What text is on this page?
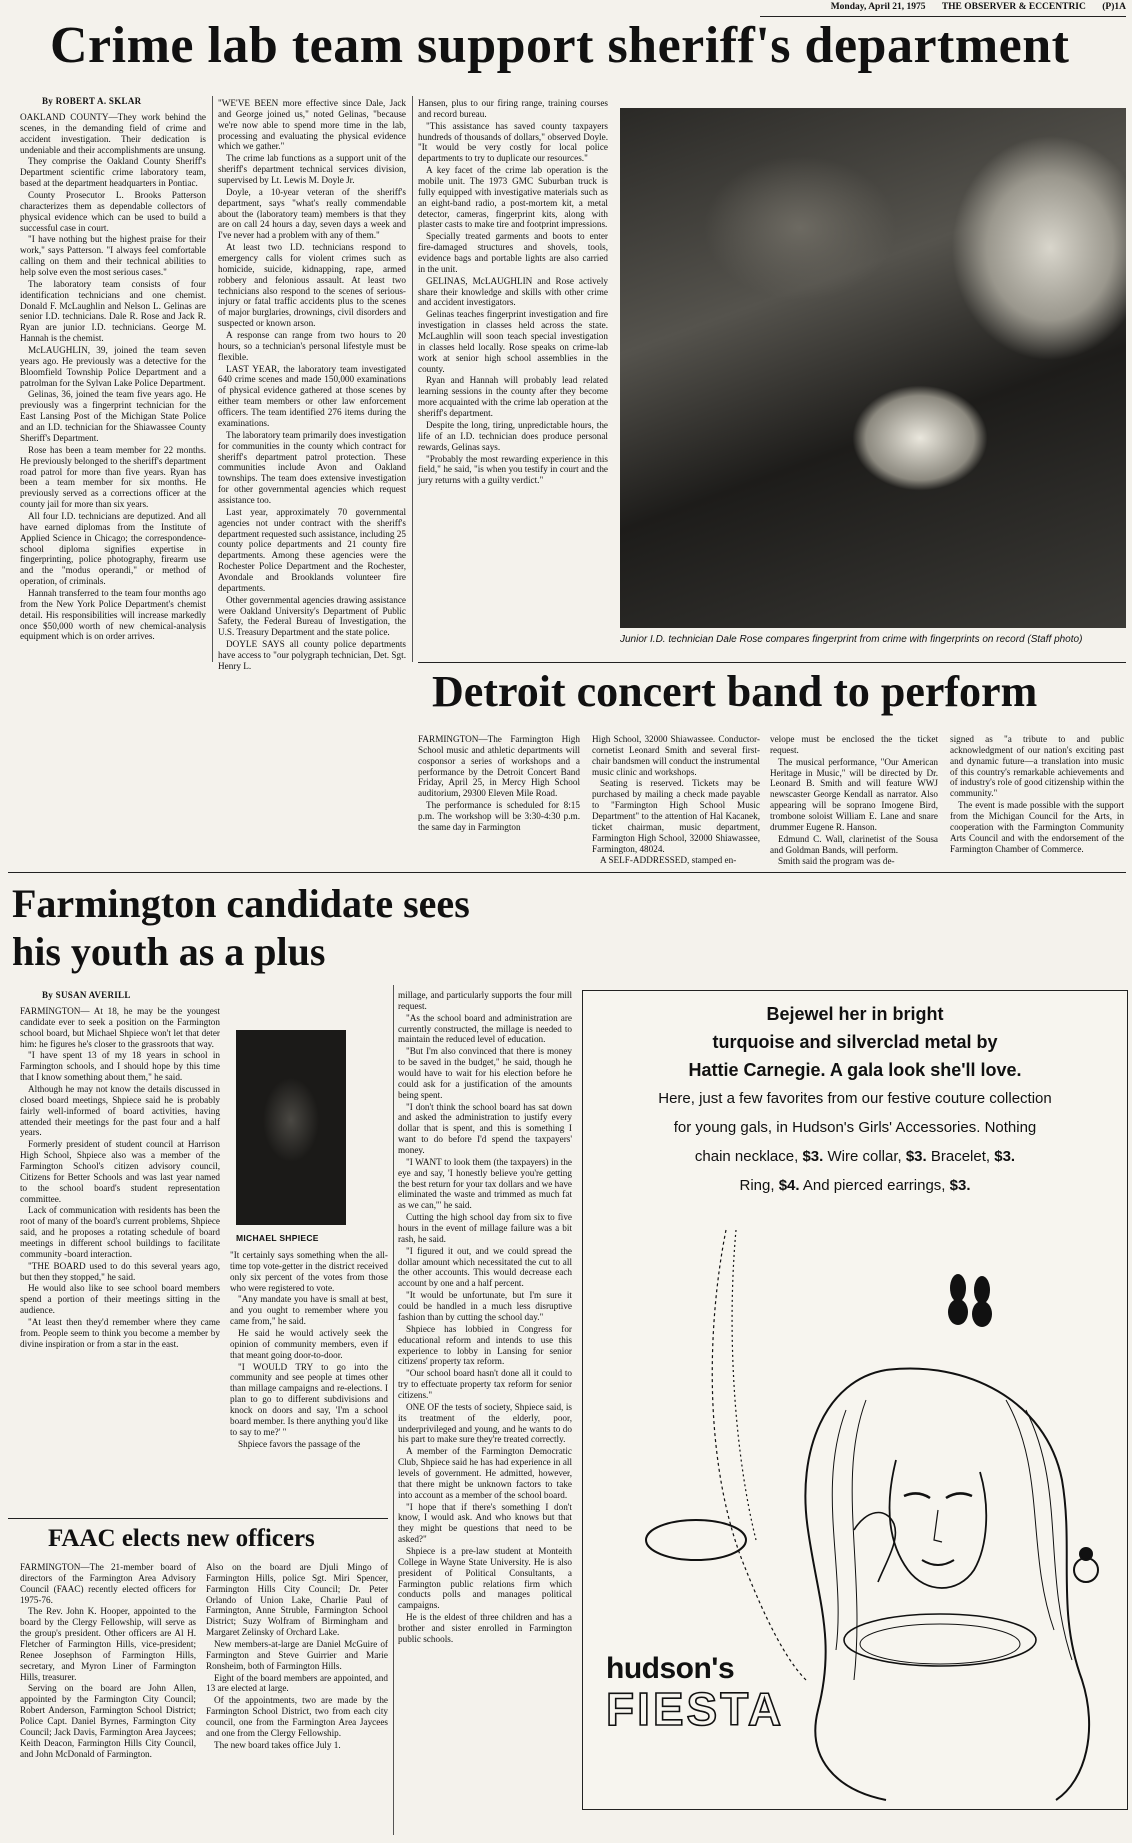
Monday, April 21, 1975 THE OBSERVER & ECCENTRIC (P)1A
Crime lab team support sheriff's department
By ROBERT A. SKLAR

OAKLAND COUNTY—They work behind the scenes, in the demanding field of crime and accident investigation. Their dedication is undeniable and their accomplishments are unsung.

They comprise the Oakland County Sheriff's Department scientific crime laboratory team, based at the department headquarters in Pontiac.

County Prosecutor L. Brooks Patterson characterizes them as dependable collectors of physical evidence which can be used to build a successful case in court.

"I have nothing but the highest praise for their work," says Patterson. "I always feel comfortable calling on them and their technical abilities to help solve even the most serious cases."

The laboratory team consists of four identification technicians and one chemist. Donald F. McLaughlin and Nelson L. Gelinas are senior I.D. technicians. Dale R. Rose and Jack R. Ryan are junior I.D. technicians. George M. Hannah is the chemist.

McLAUGHLIN, 39, joined the team seven years ago. He previously was a detective for the Bloomfield Township Police Department and a patrolman for the Sylvan Lake Police Department.

Gelinas, 36, joined the team five years ago. He previously was a fingerprint technician for the East Lansing Post of the Michigan State Police and an I.D. technician for the Shiawassee County Sheriff's Department.

Rose has been a team member for 22 months. He previously belonged to the sheriff's department road patrol for more than five years. Ryan has been a team member for six months. He previously served as a corrections officer at the county jail for more than six years.

All four I.D. technicians are deputized. And all have earned diplomas from the Institute of Applied Science in Chicago; the correspondence-school diploma signifies expertise in fingerprinting, police photography, firearm use and the "modus operandi," or method of operation, of criminals.

Hannah transferred to the team four months ago from the New York Police Department's chemist detail. His responsibilities will increase markedly once $50,000 worth of new chemical-analysis equipment which is on order arrives.

"WE'VE BEEN more effective since Dale, Jack and George joined us," noted Gelinas, "because we're now able to spend more time in the lab, processing and evaluating the physical evidence which we gather."

The crime lab functions as a support unit of the sheriff's department technical services division, supervised by Lt. Lewis M. Doyle Jr.

Doyle, a 10-year veteran of the sheriff's department, says "what's really commendable about the (laboratory team) members is that they are on call 24 hours a day, seven days a week and I've never had a problem with any of them."

At least two I.D. technicians respond to emergency calls for violent crimes such as homicide, suicide, kidnapping, rape, armed robbery and felonious assault. At least two technicians also respond to the scenes of serious-injury or fatal traffic accidents plus to the scenes of major burglaries, drownings, civil disorders and suspected or known arson.

A response can range from two hours to 20 hours, so a technician's personal lifestyle must be flexible.

LAST YEAR, the laboratory team investigated 640 crime scenes and made 150,000 examinations of physical evidence gathered at those scenes by either team members or other law enforcement officers. The team identified 276 items during the examinations.

The laboratory team primarily does investigation for communities in the county which contract for sheriff's department patrol protection. These communities include Avon and Oakland townships. The team does extensive investigation for other governmental agencies which request assistance too.

Last year, approximately 70 governmental agencies not under contract with the sheriff's department requested such assistance, including 25 county police departments and 21 county fire departments. Among these agencies were the Rochester Police Department and the Rochester, Avondale and Brooklands volunteer fire departments.

Other governmental agencies drawing assistance were Oakland University's Department of Public Safety, the Federal Bureau of Investigation, the U.S. Treasury Department and the state police.

DOYLE SAYS all county police departments have access to "our polygraph technician, Det. Sgt. Henry L.

Hansen, plus to our firing range, training courses and record bureau.

"This assistance has saved county taxpayers hundreds of thousands of dollars," observed Doyle. "It would be very costly for local police departments to try to duplicate our resources."

A key facet of the crime lab operation is the mobile unit. The 1973 GMC Suburban truck is fully equipped with investigative materials such as an eight-band radio, a post-mortem kit, a metal detector, cameras, fingerprint kits, along with plaster casts to make tire and footprint impressions.

Specially treated garments and boots to enter fire-damaged structures and shovels, tools, evidence bags and portable lights are also carried in the unit.

GELINAS, McLAUGHLIN and Rose actively share their knowledge and skills with other crime and accident investigators.

Gelinas teaches fingerprint investigation and fire investigation in classes held across the state. McLaughlin will soon teach special investigation in classes held locally. Rose speaks on crime-lab work at senior high school assemblies in the county.

Ryan and Hannah will probably lead related learning sessions in the county after they become more acquainted with the crime lab operation at the sheriff's department.

Despite the long, tiring, unpredictable hours, the life of an I.D. technician does produce personal rewards, Gelinas says.

"Probably the most rewarding experience in this field," he said, "is when you testify in court and the jury returns with a guilty verdict."

Junior I.D. technician Dale Rose compares fingerprint from crime with fingerprints on record (Staff photo)
Detroit concert band to perform

FARMINGTON—The Farmington High School music and athletic departments will cosponsor a series of workshops and a performance by the Detroit Concert Band Friday, April 25, in Mercy High School auditorium, 29300 Eleven Mile Road.

The performance is scheduled for 8:15 p.m. The workshop will be 3:30-4:30 p.m. the same day in Farmington

High School, 32000 Shiawassee. Conductor-cornetist Leonard Smith and several first-chair bandsmen will conduct the instrumental music clinic and workshops.

Seating is reserved. Tickets may be purchased by mailing a check made payable to "Farmington High School Music Department" to the attention of Hal Kacanek, ticket chairman, music department, Farmington High School, 32000 Shiawassee, Farmington, 48024.

A SELF-ADDRESSED, stamped en-

velope must be enclosed the the ticket request.

The musical performance, "Our American Heritage in Music," will be directed by Dr. Leonard B. Smith and will feature WWJ newscaster George Kendall as narrator. Also appearing will be soprano Imogene Bird, trombone soloist William E. Lane and snare drummer Eugene R. Hanson.

Edmund C. Wall, clarinetist of the Sousa and Goldman Bands, will perform.

Smith said the program was de-

signed as "a tribute to and public acknowledgment of our nation's exciting past and dynamic future—a translation into music of this country's remarkable achievements and of industry's role of good citizenship within the community."

The event is made possible with the support from the Michigan Council for the Arts, in cooperation with the Farmington Community Arts Council and with the endorsement of the Farmington Chamber of Commerce.

Farmington candidate sees his youth as a plus
By SUSAN AVERILL

FARMINGTON— At 18, he may be the youngest candidate ever to seek a position on the Farmington school board, but Michael Shpiece won't let that deter him: he figures he's closer to the grassroots that way.

"I have spent 13 of my 18 years in school in Farmington schools, and I should hope by this time that I know something about them," he said.

Although he may not know the details discussed in closed board meetings, Shpiece said he is probably fairly well-informed of board activities, having attended their meetings for the past four and a half years.

Formerly president of student council at Harrison High School, Shpiece also was a member of the Farmington School's citizen advisory council, Citizens for Better Schools and was last year named to the school board's student representation committee.

Lack of communication with residents has been the root of many of the board's current problems, Shpiece said, and he proposes a rotating schedule of board meetings in different school buildings to facilitate community -board interaction.

"THE BOARD used to do this several years ago, but then they stopped," he said.

He would also like to see school board members spend a portion of their meetings sitting in the audience.

"At least then they'd remember where they came from. People seem to think you become a member by divine inspiration or from a star in the east.

MICHAEL SHPIECE

"It certainly says something when the all-time top vote-getter in the district received only six percent of the votes from those who were registered to vote.

"Any mandate you have is small at best, and you ought to remember where you came from," he said.

He said he would actively seek the opinion of community members, even if that meant going door-to-door.

"I WOULD TRY to go into the community and see people at times other than millage campaigns and re-elections. I plan to go to different subdivisions and knock on doors and say, 'I'm a school board member. Is there anything you'd like to say to me?' "

Shpiece favors the passage of the

millage, and particularly supports the four mill request.

"As the school board and administration are currently constructed, the millage is needed to maintain the reduced level of education.

"But I'm also convinced that there is money to be saved in the budget," he said, though he would have to wait for his election before he could ask for a justification of the amounts being spent.

"I don't think the school board has sat down and asked the administration to justify every dollar that is spent, and this is something I want to do before I'd spend the taxpayers' money.

"I WANT to look them (the taxpayers) in the eye and say, 'I honestly believe you're getting the best return for your tax dollars and we have eliminated the waste and trimmed as much fat as we can,'" he said.

Cutting the high school day from six to five hours in the event of millage failure was a bit rash, he said.

"I figured it out, and we could spread the dollar amount which necessitated the cut to all the other accounts. This would decrease each account by one and a half percent.

"It would be unfortunate, but I'm sure it could be handled in a much less disruptive fashion than by cutting the school day."

Shpiece has lobbied in Congress for educational reform and intends to use this experience to lobby in Lansing for senior citizens' property tax reform.

"Our school board hasn't done all it could to try to effectuate property tax reform for senior citizens."

ONE OF the tests of society, Shpiece said, is its treatment of the elderly, poor, underprivileged and young, and he wants to do his part to make sure they're treated correctly.

A member of the Farmington Democratic Club, Shpiece said he has had experience in all levels of government. He admitted, however, that there might be unknown factors to take into account as a member of the school board.

"I hope that if there's something I don't know, I would ask. And who knows but that they might be questions that need to be asked?"

Shpiece is a pre-law student at Monteith College in Wayne State University. He is also president of Political Consultants, a Farmington public relations firm which conducts polls and manages political campaigns.

He is the eldest of three children and has a brother and sister enrolled in Farmington public schools.

FAAC elects new officers

FARMINGTON—The 21-member board of directors of the Farmington Area Advisory Council (FAAC) recently elected officers for 1975-76.

The Rev. John K. Hooper, appointed to the board by the Clergy Fellowship, will serve as the group's president. Other officers are Al H. Fletcher of Farmington Hills, vice-president; Renee Josephson of Farmington Hills, secretary, and Myron Liner of Farmington Hills, treasurer.

Serving on the board are John Allen, appointed by the Farmington City Council; Robert Anderson, Farmington School District; Police Capt. Daniel Byrnes, Farmington City Council; Jack Davis, Farmington Area Jaycees; Keith Deacon, Farmington Hills City Council, and John McDonald of Farmington.

Also on the board are Djuli Mingo of Farmington Hills, police Sgt. Miri Spencer, Farmington Hills City Council; Dr. Peter Orlando of Union Lake, Charlie Paul of Farmington, Anne Struble, Farmington School District; Suzy Wolfram of Birmingham and Margaret Zelinsky of Orchard Lake.

New members-at-large are Daniel McGuire of Farmington and Steve Guirrier and Marie Ronsheim, both of Farmington Hills.

Eight of the board members are appointed, and 13 are elected at large.

Of the appointments, two are made by the Farmington School District, two from each city council, one from the Farmington Area Jaycees and one from the Clergy Fellowship.

The new board takes office July 1.

Bejewel her in bright
turquoise and silverclad metal by
Hattie Carnegie. A gala look she'll love.
Here, just a few favorites from our festive couture collection
for young gals, in Hudson's Girls' Accessories. Nothing
chain necklace, $3. Wire collar, $3. Bracelet, $3.
Ring, $4. And pierced earrings, $3.
hudson's
FIESTA
